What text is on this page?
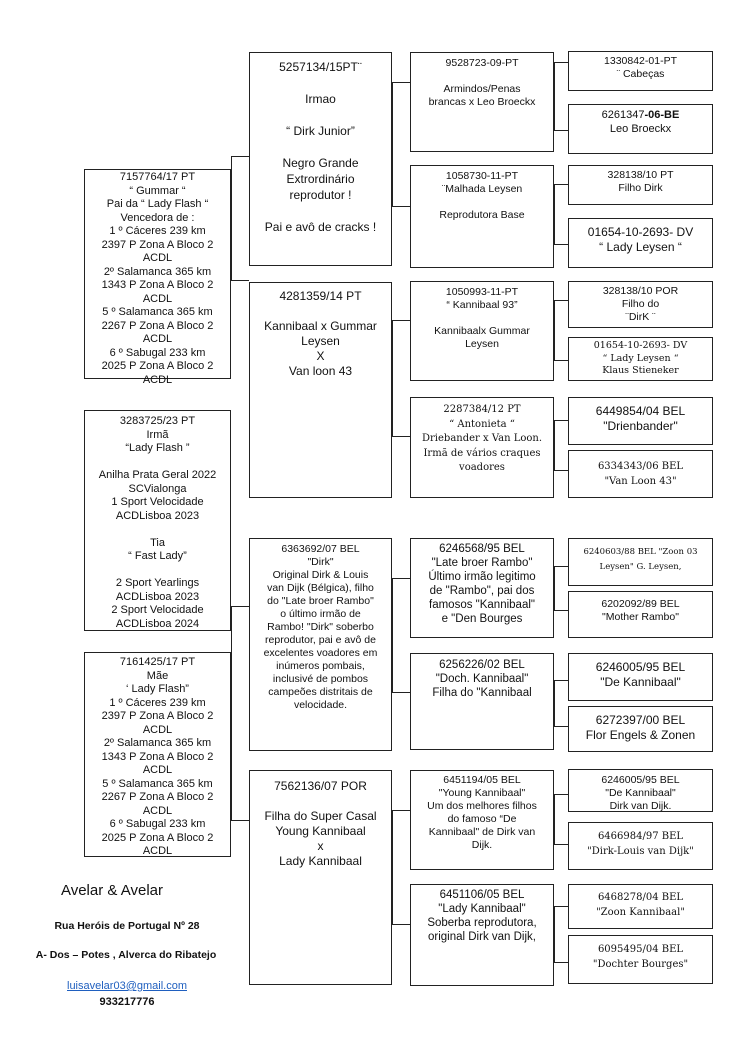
7157764/17 PT
“ Gummar “
Pai da “ Lady Flash “
Vencedora de :
1 º Cáceres 239 km
2397 P Zona A Bloco 2
ACDL
2º Salamanca 365 km
1343 P Zona A Bloco 2
ACDL
5 º Salamanca 365 km
2267 P Zona A Bloco 2
ACDL
6 º Sabugal 233 km
2025 P Zona A Bloco 2
ACDL
3283725/23 PT
Irmã
“Lady Flash ”

Anilha Prata Geral 2022
SCVialonga
1 Sport Velocidade
ACDLisboa 2023

Tia
“ Fast Lady”

2 Sport Yearlings
ACDLisboa 2023
2 Sport Velocidade
ACDLisboa 2024
7161425/17 PT
Mãe
‘ Lady Flash”
1 º Cáceres 239 km
2397 P Zona A Bloco 2
ACDL
2º Salamanca 365 km
1343 P Zona A Bloco 2
ACDL
5 º Salamanca 365 km
2267 P Zona A Bloco 2
ACDL
6 º Sabugal 233 km
2025 P Zona A Bloco 2
ACDL
5257134/15PT¨

Irmao

“ Dirk Junior”

Negro Grande
Extrordinário
reprodutor !

Pai e avô de cracks !
4281359/14 PT

Kannibaal x Gummar
Leysen
X
Van loon 43
6363692/07 BEL
"Dirk"
Original Dirk & Louis
van Dijk (Bélgica), filho
do "Late broer Rambo"
o último irmão de
Rambo! "Dirk" soberbo
reprodutor, pai e avô de
excelentes voadores em
inúmeros pombais,
inclusivé de pombos
campeões distritais de
velocidade.
7562136/07 POR

Filha do Super Casal
Young Kannibaal
x
Lady Kannibaal
9528723-09-PT

Armindos/Penas
brancas x Leo Broeckx
1058730-11-PT
¨Malhada Leysen

Reprodutora Base
1050993-11-PT
“ Kannibaal 93”

Kannibaalx Gummar
Leysen
2287384/12 PT
“ Antonieta “
Driebander x Van Loon.
Irmã de vários craques
voadores
6246568/95 BEL
"Late broer Rambo"
Último irmão legitimo
de "Rambo", pai dos
famosos "Kannibaal"
e "Den Bourges
6256226/02 BEL
"Doch. Kannibaal"
Filha do "Kannibaal
6451194/05 BEL
"Young Kannibaal"
Um dos melhores filhos
do famoso “De
Kannibaal" de Dirk van
Dijk.
6451106/05 BEL
"Lady Kannibaal"
Soberba reprodutora,
original Dirk van Dijk,
1330842-01-PT
¨ Cabeças
6261347-06-BE
Leo Broeckx
328138/10 PT
Filho Dirk
01654-10-2693- DV
“ Lady Leysen “
328138/10 POR
Filho do
¨DirK ¨
01654-10-2693- DV
“ Lady Leysen “
Klaus Stieneker
6449854/04 BEL
"Drienbander"
6334343/06 BEL
"Van Loon 43"
6240603/88 BEL "Zoon 03
Leysen" G. Leysen,
6202092/89 BEL
"Mother Rambo"
6246005/95 BEL
"De Kannibaal"
6272397/00 BEL
Flor Engels & Zonen
6246005/95 BEL
"De Kannibaal"
Dirk van Dijk.
6466984/97 BEL
"Dirk-Louis van Dijk"
6468278/04 BEL
"Zoon Kannibaal"
6095495/04 BEL
"Dochter Bourges"
Avelar & Avelar
Rua Heróis de Portugal Nº 28
A- Dos – Potes , Alverca do Ribatejo
luisavelar03@gmail.com
933217776
